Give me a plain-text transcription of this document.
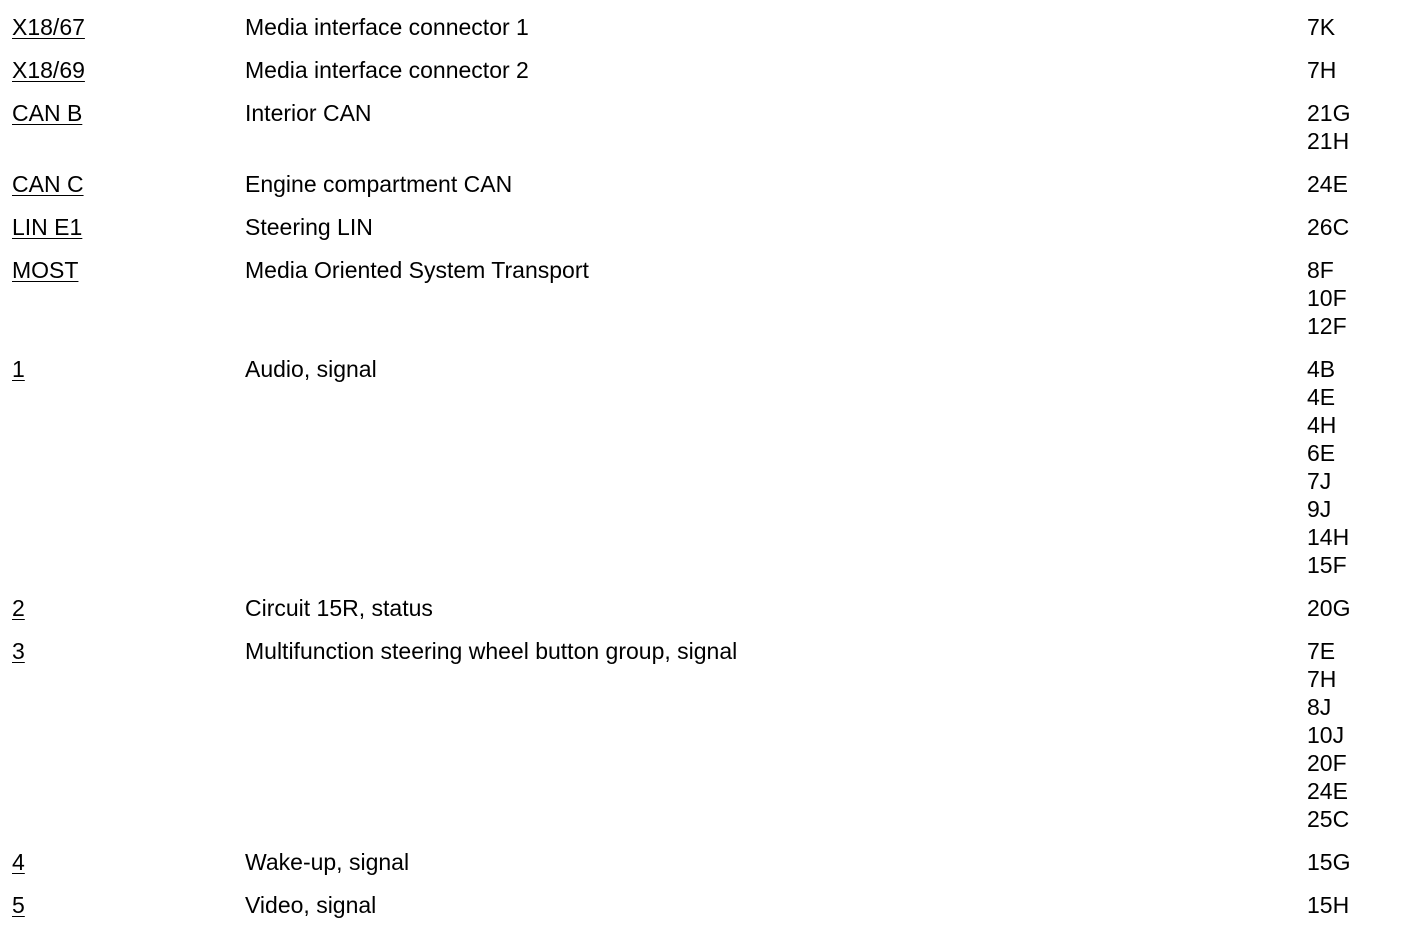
X18/67	Media interface connector 1	7K
X18/69	Media interface connector 2	7H
CAN B	Interior CAN	21G
21H
CAN C	Engine compartment CAN	24E
LIN E1	Steering LIN	26C
MOST	Media Oriented System Transport	8F
10F
12F
1	Audio, signal	4B
4E
4H
6E
7J
9J
14H
15F
2	Circuit 15R, status	20G
3	Multifunction steering wheel button group, signal	7E
7H
8J
10J
20F
24E
25C
4	Wake-up, signal	15G
5	Video, signal	15H
